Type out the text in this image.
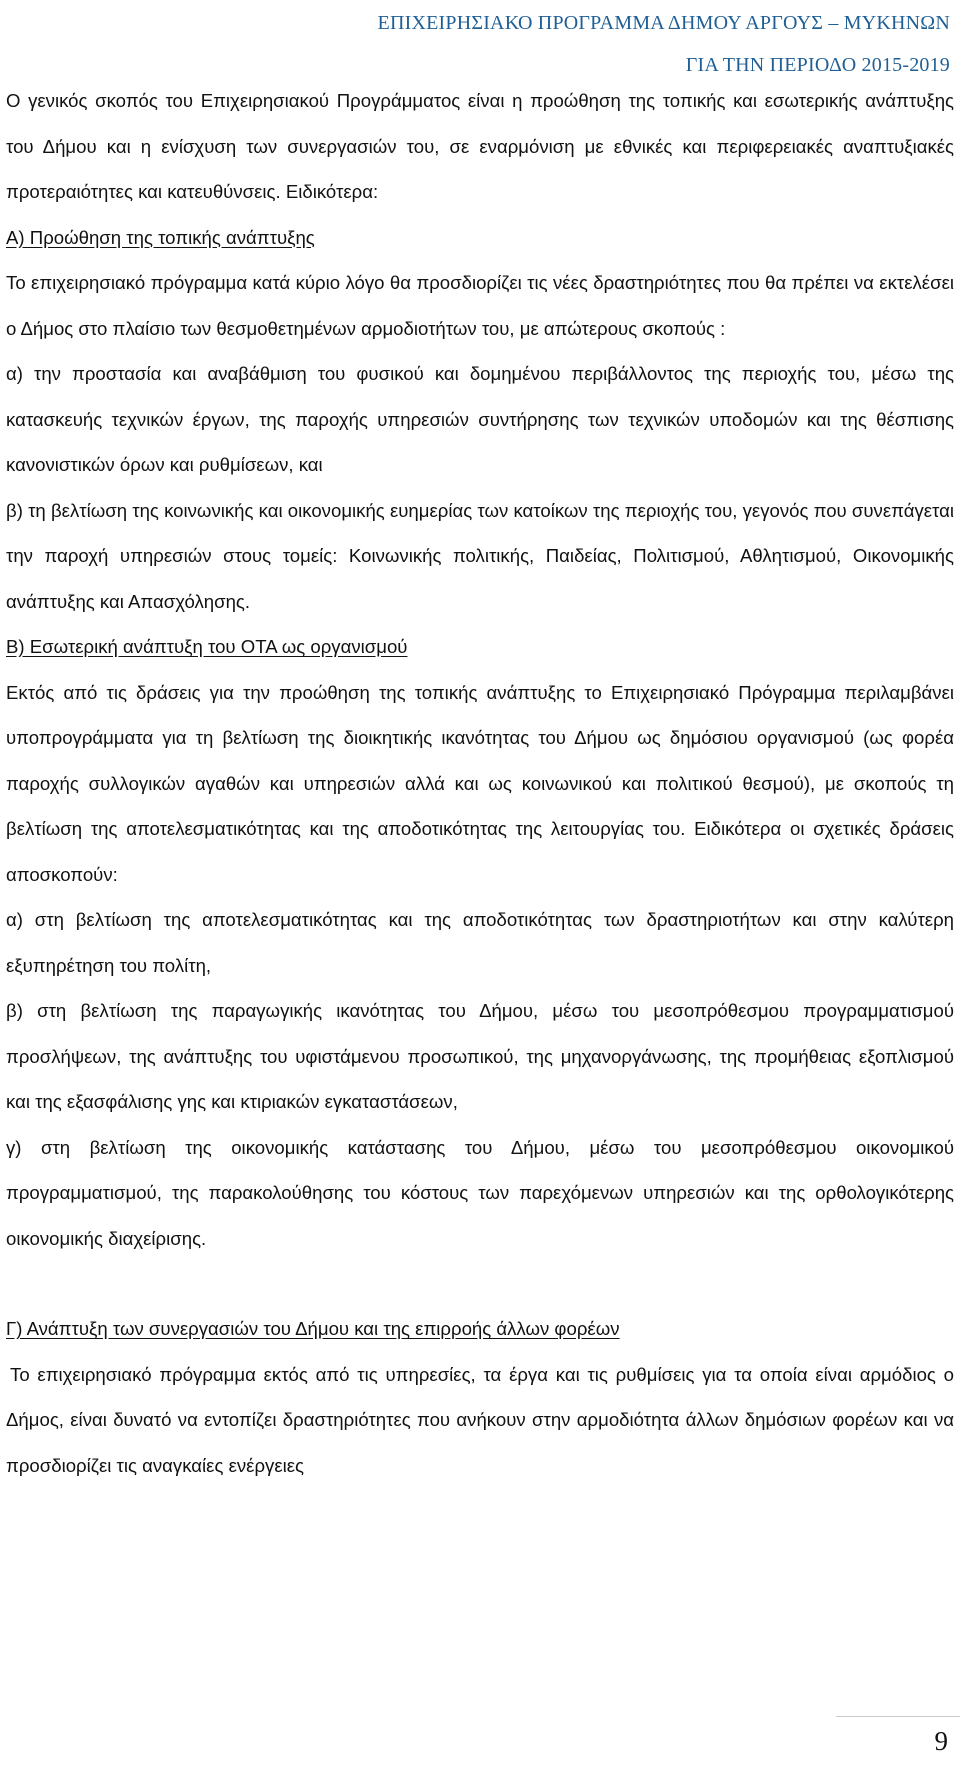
ΕΠΙΧΕΙΡΗΣΙΑΚΟ ΠΡΟΓΡΑΜΜΑ ΔΗΜΟΥ ΑΡΓΟΥΣ – ΜΥΚΗΝΩΝ
ΓΙΑ ΤΗΝ ΠΕΡΙΟΔΟ 2015-2019

Ο γενικός σκοπός του Επιχειρησιακού Προγράμματος είναι η προώθηση της τοπικής και εσωτερικής ανάπτυξης του Δήμου και η ενίσχυση των συνεργασιών του, σε εναρμόνιση με εθνικές και περιφερειακές αναπτυξιακές προτεραιότητες και κατευθύνσεις. Ειδικότερα:

Α) Προώθηση της τοπικής ανάπτυξης

Το επιχειρησιακό πρόγραμμα κατά κύριο λόγο θα προσδιορίζει τις νέες δραστηριότητες που θα πρέπει να εκτελέσει ο Δήμος στο πλαίσιο των θεσμοθετημένων αρμοδιοτήτων του, με απώτερους σκοπούς :

α) την προστασία και αναβάθμιση του φυσικού και δομημένου περιβάλλοντος της περιοχής του, μέσω της κατασκευής τεχνικών έργων, της παροχής υπηρεσιών συντήρησης των τεχνικών υποδομών και της θέσπισης κανονιστικών όρων και ρυθμίσεων, και

β) τη βελτίωση της κοινωνικής και οικονομικής ευημερίας των κατοίκων της περιοχής του, γεγονός που συνεπάγεται την παροχή υπηρεσιών στους τομείς: Κοινωνικής πολιτικής, Παιδείας, Πολιτισμού, Αθλητισμού, Οικονομικής ανάπτυξης και Απασχόλησης.

Β) Εσωτερική ανάπτυξη του ΟΤΑ ως οργανισμού

Εκτός από τις δράσεις για την προώθηση της τοπικής ανάπτυξης το Επιχειρησιακό Πρόγραμμα περιλαμβάνει υποπρογράμματα για τη βελτίωση της διοικητικής ικανότητας του Δήμου ως δημόσιου οργανισμού (ως φορέα παροχής συλλογικών αγαθών και υπηρεσιών αλλά και ως κοινωνικού και πολιτικού θεσμού), με σκοπούς τη βελτίωση της αποτελεσματικότητας και της αποδοτικότητας της λειτουργίας του. Ειδικότερα οι σχετικές δράσεις αποσκοπούν:

α) στη βελτίωση της αποτελεσματικότητας και της αποδοτικότητας των δραστηριοτήτων και στην καλύτερη εξυπηρέτηση του πολίτη,

β) στη βελτίωση της παραγωγικής ικανότητας του Δήμου, μέσω του μεσοπρόθεσμου προγραμματισμού προσλήψεων, της ανάπτυξης του υφιστάμενου προσωπικού, της μηχανοργάνωσης, της προμήθειας εξοπλισμού και της εξασφάλισης γης και κτιριακών εγκαταστάσεων,

γ) στη βελτίωση της οικονομικής κατάστασης του Δήμου, μέσω του μεσοπρόθεσμου οικονομικού προγραμματισμού, της παρακολούθησης του κόστους των παρεχόμενων υπηρεσιών και της ορθολογικότερης οικονομικής διαχείρισης.

Γ) Ανάπτυξη των συνεργασιών του Δήμου και της επιρροής άλλων φορέων

Το επιχειρησιακό πρόγραμμα εκτός από τις υπηρεσίες, τα έργα και τις ρυθμίσεις για τα οποία είναι αρμόδιος ο Δήμος, είναι δυνατό να εντοπίζει δραστηριότητες που ανήκουν στην αρμοδιότητα άλλων δημόσιων φορέων και να προσδιορίζει τις αναγκαίες ενέργειες

9
